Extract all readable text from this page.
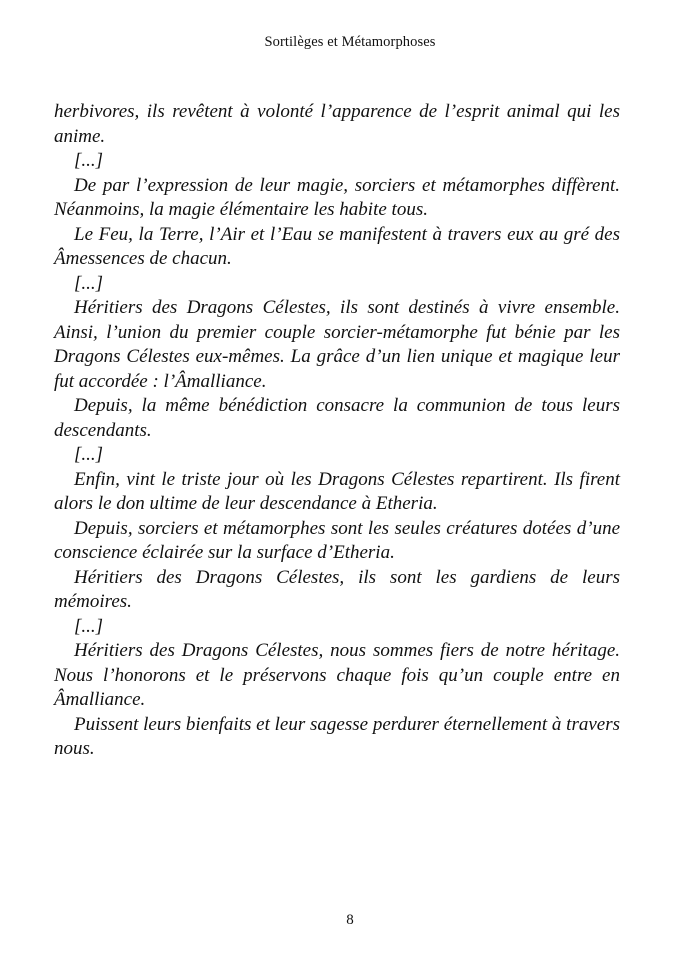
Sortilèges et Métamorphoses

herbivores, ils revêtent à volonté l’apparence de l’esprit animal qui les anime.

[...]

De par l’expression de leur magie, sorciers et métamorphes diffèrent. Néanmoins, la magie élémentaire les habite tous.

Le Feu, la Terre, l’Air et l’Eau se manifestent à travers eux au gré des Âmessences de chacun.

[...]

Héritiers des Dragons Célestes, ils sont destinés à vivre ensemble. Ainsi, l’union du premier couple sorcier-métamorphe fut bénie par les Dragons Célestes eux-mêmes. La grâce d’un lien unique et magique leur fut accordée : l’Âmalliance.

Depuis, la même bénédiction consacre la communion de tous leurs descendants.

[...]

Enfin, vint le triste jour où les Dragons Célestes repartirent. Ils firent alors le don ultime de leur descendance à Etheria.

Depuis, sorciers et métamorphes sont les seules créatures dotées d’une conscience éclairée sur la surface d’Etheria.

Héritiers des Dragons Célestes, ils sont les gardiens de leurs mémoires.

[...]

Héritiers des Dragons Célestes, nous sommes fiers de notre héritage. Nous l’honorons et le préservons chaque fois qu’un couple entre en Âmalliance.

Puissent leurs bienfaits et leur sagesse perdurer éternellement à travers nous.

8
